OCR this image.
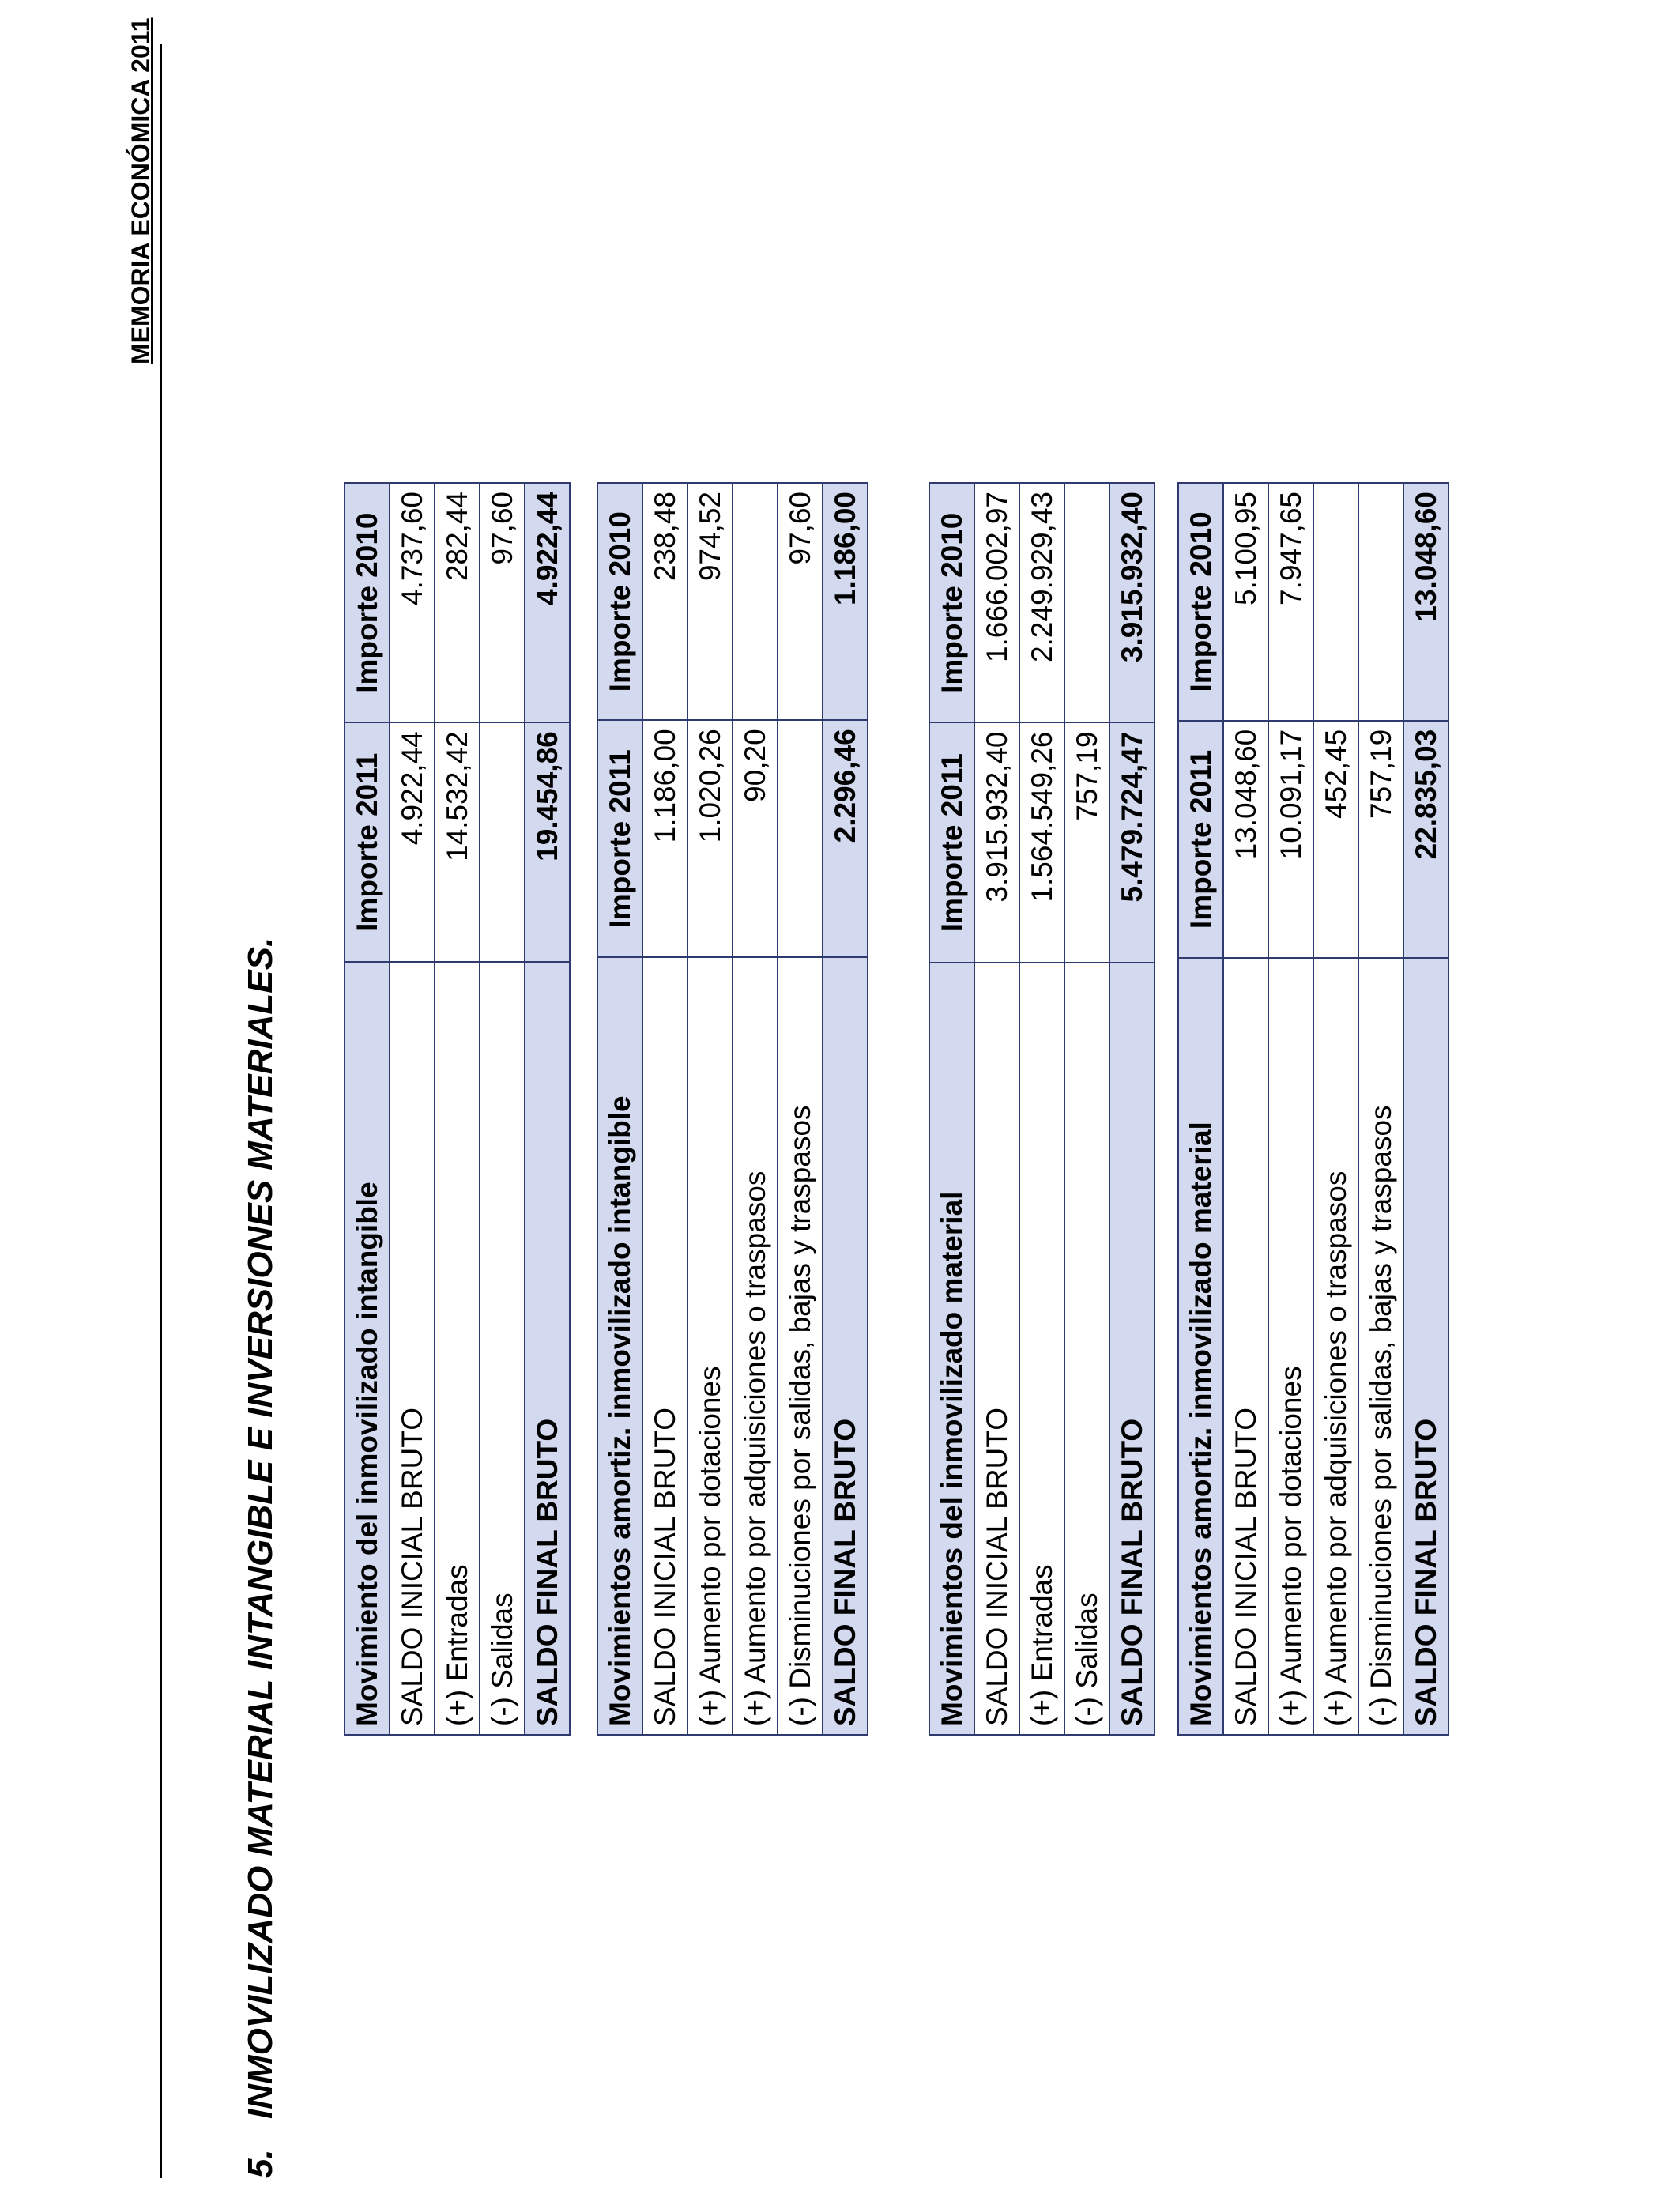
MEMORIA ECONÓMICA 2011
5.INMOVILIZADO MATERIAL INTANGIBLE E INVERSIONES MATERIALES. Movimiento del inmovilizado intangible	Importe 2011	Importe 2010
SALDO INICIAL BRUTO	4.922,44	4.737,60
(+) Entradas	14.532,42	282,44
(-) Salidas		97,60
SALDO FINAL BRUTO	19.454,86	4.922,44
Movimientos amortiz. inmovilizado intangible	Importe 2011	Importe 2010
SALDO INICIAL BRUTO	1.186,00	238,48
(+) Aumento por dotaciones	1.020,26	974,52
(+) Aumento por adquisiciones o traspasos	90,20	
(-) Disminuciones por salidas, bajas y traspasos		97,60
SALDO FINAL BRUTO	2.296,46	1.186,00
Movimientos del inmovilizado material	Importe 2011	Importe 2010
SALDO INICIAL BRUTO	3.915.932,40	1.666.002,97
(+) Entradas	1.564.549,26	2.249.929,43
(-) Salidas	757,19	
SALDO FINAL BRUTO	5.479.724,47	3.915.932,40
Movimientos amortiz. inmovilizado material	Importe 2011	Importe 2010
SALDO INICIAL BRUTO	13.048,60	5.100,95
(+) Aumento por dotaciones	10.091,17	7.947,65
(+) Aumento por adquisiciones o traspasos	452,45	
(-) Disminuciones por salidas, bajas y traspasos	757,19	
SALDO FINAL BRUTO	22.835,03	13.048,60
